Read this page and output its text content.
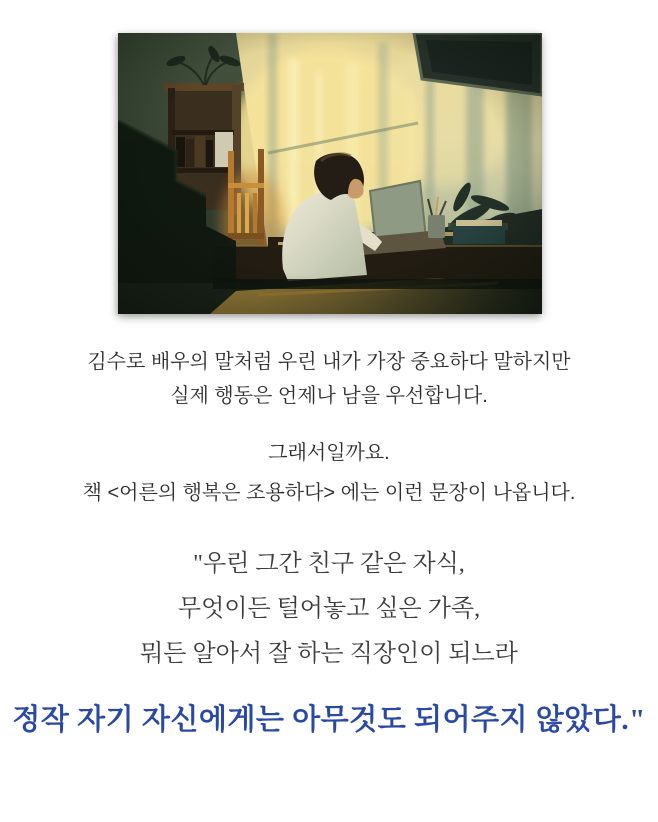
김수로 배우의 말처럼 우린 내가 가장 중요하다 말하지만
실제 행동은 언제나 남을 우선합니다.
그래서일까요.
책 <어른의 행복은 조용하다> 에는 이런 문장이 나옵니다.
"우린 그간 친구 같은 자식,
무엇이든 털어놓고 싶은 가족,
뭐든 알아서 잘 하는 직장인이 되느라
정작 자기 자신에게는 아무것도 되어주지 않았다."
